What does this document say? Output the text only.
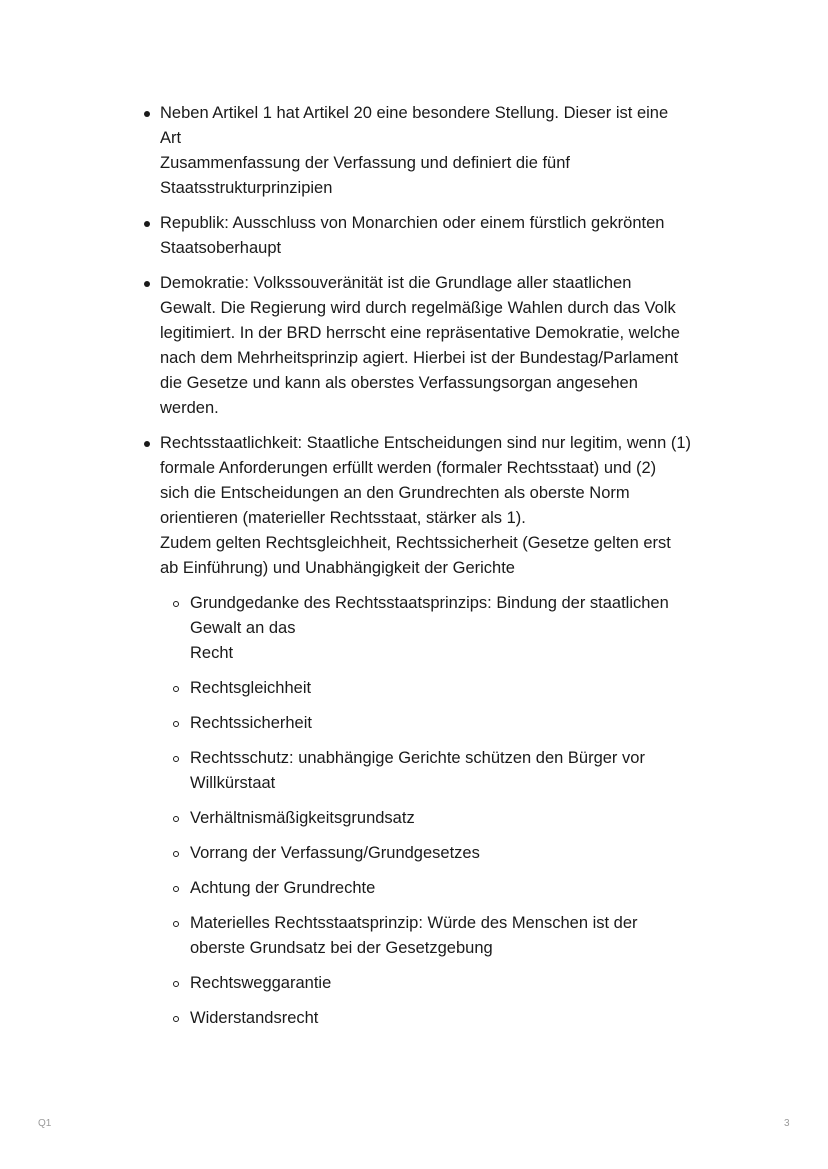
Neben Artikel 1 hat Artikel 20 eine besondere Stellung. Dieser ist eine
Art
Zusammenfassung der Verfassung und definiert die fünf
Staatsstrukturprinzipien
Republik: Ausschluss von Monarchien oder einem fürstlich gekrönten
Staatsoberhaupt
Demokratie: Volkssouveränität ist die Grundlage aller staatlichen
Gewalt. Die Regierung wird durch regelmäßige Wahlen durch das Volk
legitimiert. In der BRD herrscht eine repräsentative Demokratie, welche
nach dem Mehrheitsprinzip agiert. Hierbei ist der Bundestag/Parlament
die Gesetze und kann als oberstes Verfassungsorgan angesehen
werden.
Rechtsstaatlichkeit: Staatliche Entscheidungen sind nur legitim, wenn (1)
formale Anforderungen erfüllt werden (formaler Rechtsstaat) und (2)
sich die Entscheidungen an den Grundrechten als oberste Norm
orientieren (materieller Rechtsstaat, stärker als 1).
Zudem gelten Rechtsgleichheit, Rechtssicherheit (Gesetze gelten erst
ab Einführung) und Unabhängigkeit der Gerichte
Grundgedanke des Rechtsstaatsprinzips: Bindung der staatlichen
Gewalt an das
Recht
Rechtsgleichheit
Rechtssicherheit
Rechtsschutz: unabhängige Gerichte schützen den Bürger vor
Willkürstaat
Verhältnismäßigkeitsgrundsatz
Vorrang der Verfassung/Grundgesetzes
Achtung der Grundrechte
Materielles Rechtsstaatsprinzip: Würde des Menschen ist der
oberste Grundsatz bei der Gesetzgebung
Rechtsweggarantie
Widerstandsrecht
Q1	3
